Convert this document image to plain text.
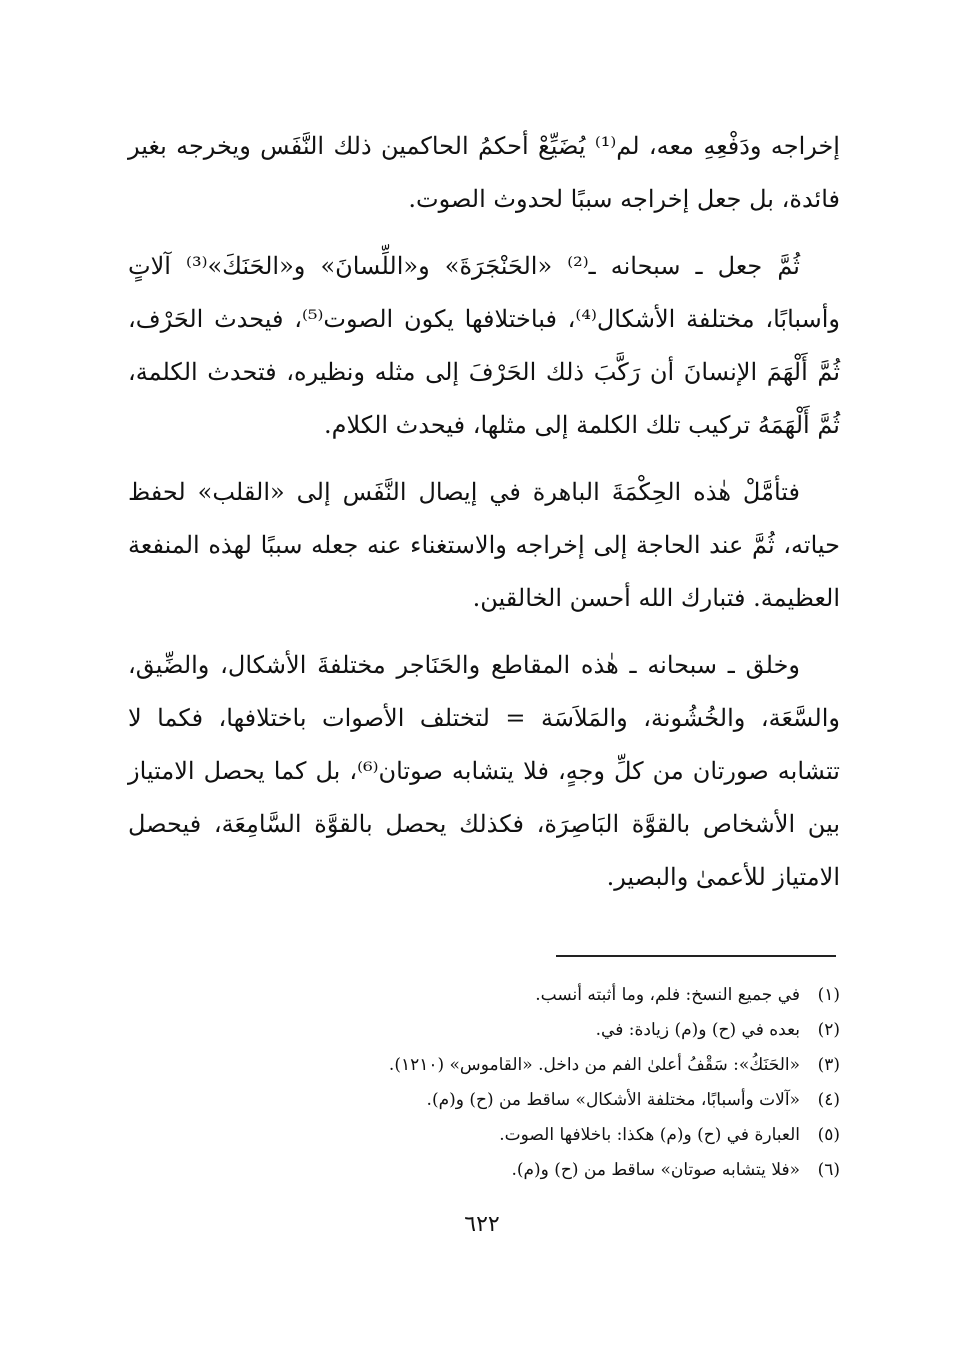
إخراجه ودَفْعِهِ معه، لم⁽¹⁾ يُضَيِّعْ أحكمُ الحاكمين ذلك النَّفَس ويخرجه بغير فائدة، بل جعل إخراجه سببًا لحدوث الصوت.

ثُمَّ جعل ـ سبحانه ـ⁽²⁾ «الحَنْجَرَةَ» و«اللِّسانَ» و«الحَنَكَ»⁽³⁾ آلاتٍ وأسبابًا، مختلفة الأشكال⁽⁴⁾، فباختلافها يكون الصوت⁽⁵⁾، فيحدث الحَرْف، ثُمَّ أَلْهَمَ الإنسانَ أن رَكَّبَ ذلك الحَرْفَ إلى مثله ونظيره، فتحدث الكلمة، ثُمَّ أَلْهَمَهُ تركيب تلك الكلمة إلى مثلها، فيحدث الكلام.

فتأمَّلْ هٰذه الحِكْمَةَ الباهرة في إيصال النَّفَس إلى «القلب» لحفظ حياته، ثُمَّ عند الحاجة إلى إخراجه والاستغناء عنه جعله سببًا لهذه المنفعة العظيمة. فتبارك الله أحسن الخالقين.

وخلق ـ سبحانه ـ هٰذه المقاطع والحَنَاجر مختلفةَ الأشكال، والضِّيق، والسَّعَة، والخُشُونة، والمَلاَسَة = لتختلف الأصوات باختلافها، فكما لا تتشابه صورتان من كلِّ وجهٍ، فلا يتشابه صوتان⁽⁶⁾، بل كما يحصل الامتياز بين الأشخاص بالقوَّة البَاصِرَة، فكذلك يحصل بالقوَّة السَّامِعَة، فيحصل الامتياز للأعمىٰ والبصير.

(١)
في جميع النسخ: فلم، وما أثبته أنسب.
(٢)
بعده في (ح) و(م) زيادة: في.
(٣)
«الحَنَكُ»: سَقْفُ أعلىٰ الفم من داخل. «القاموس» (١٢١٠).
(٤)
«آلات وأسبابًا، مختلفة الأشكال» ساقط من (ح) و(م).
(٥)
العبارة في (ح) و(م) هكذا: باخلافها الصوت.
(٦)
«فلا يتشابه صوتان» ساقط من (ح) و(م).
٦٢٢
